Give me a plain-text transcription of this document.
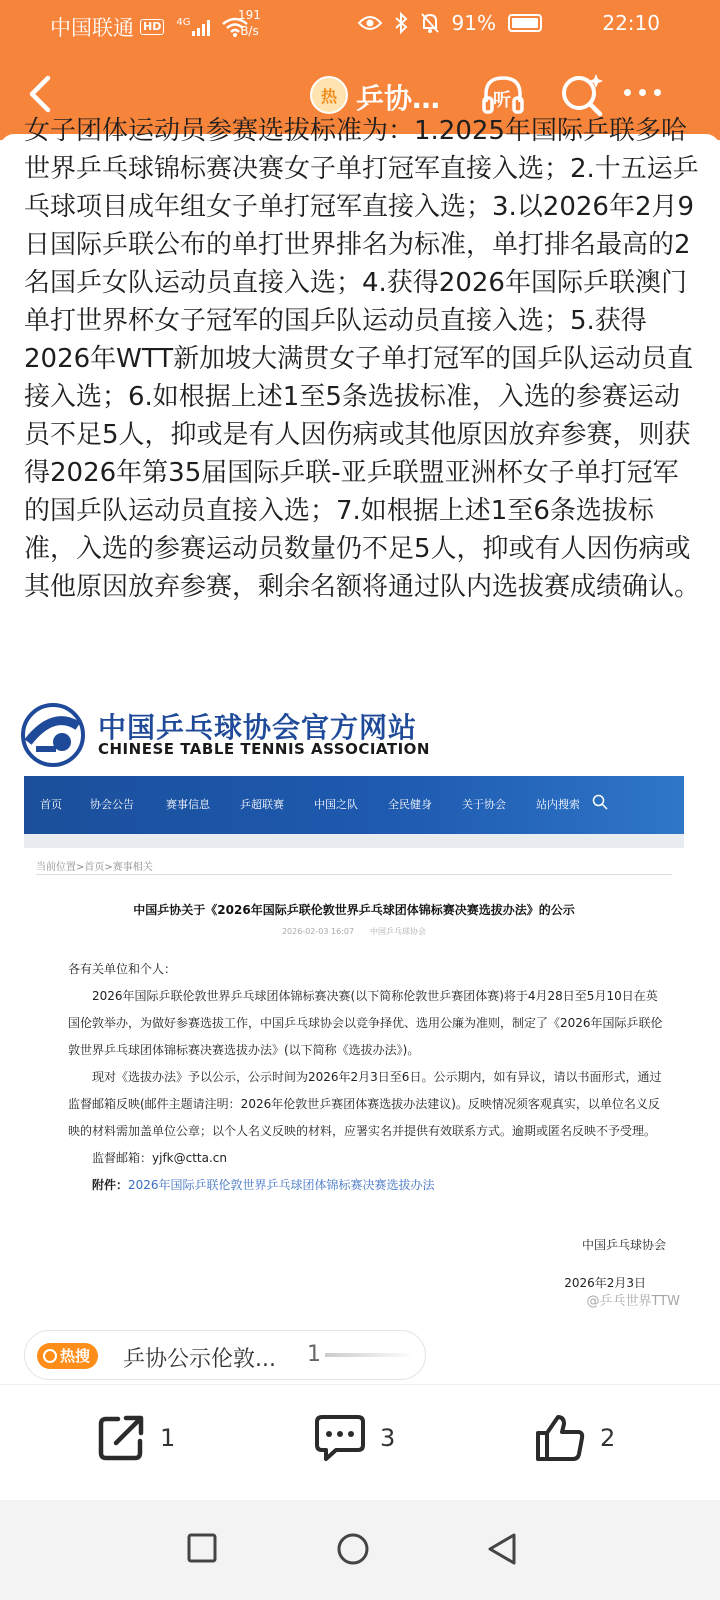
中国联通 HD	4G
191
B/s	91%	22:10
热 乒协…	听
女子团体运动员参赛选拔标准为：1.2025年国际乒联多哈世界乒乓球锦标赛决赛女子单打冠军直接入选；2.十五运乒乓球项目成年组女子单打冠军直接入选；3.以2026年2月9日国际乒联公布的单打世界排名为标准，单打排名最高的2名国乒女队运动员直接入选；4.获得2026年国际乒联澳门单打世界杯女子冠军的国乒队运动员直接入选；5.获得2026年WTT新加坡大满贯女子单打冠军的国乒队运动员直接入选；6.如根据上述1至5条选拔标准，入选的参赛运动员不足5人，抑或是有人因伤病或其他原因放弃参赛，则获得2026年第35届国际乒联-亚乒联盟亚洲杯女子单打冠军的国乒队运动员直接入选；7.如根据上述1至6条选拔标准，入选的参赛运动员数量仍不足5人，抑或有人因伤病或其他原因放弃参赛，剩余名额将通过队内选拔赛成绩确认。
中国乒乓球协会官方网站
CHINESE TABLE TENNIS ASSOCIATION
首页	协会公告	赛事信息	乒超联赛	中国之队	全民健身	关于协会	站内搜索
当前位置>首页>赛事相关
中国乒协关于《2026年国际乒联伦敦世界乒乓球团体锦标赛决赛选拔办法》的公示
2026-02-03 16:07　　中国乒乓球协会

各有关单位和个人：

2026年国际乒联伦敦世界乒乓球团体锦标赛决赛(以下简称伦敦世乒赛团体赛)将于4月28日至5月10日在英国伦敦举办，为做好参赛选拔工作，中国乒乓球协会以竞争择优、选用公廉为准则，制定了《2026年国际乒联伦敦世界乒乓球团体锦标赛决赛选拔办法》(以下简称《选拔办法》)。

现对《选拔办法》予以公示，公示时间为2026年2月3日至6日。公示期内，如有异议，请以书面形式，通过监督邮箱反映(邮件主题请注明：2026年伦敦世乒赛团体赛选拔办法建议)。反映情况须客观真实，以单位名义反映的材料需加盖单位公章；以个人名义反映的材料，应署实名并提供有效联系方式。逾期或匿名反映不予受理。

监督邮箱：yjfk@ctta.cn

附件：2026年国际乒联伦敦世界乒乓球团体锦标赛决赛选拔办法

中国乒乓球协会
2026年2月3日
@乒乓世界TTW
热搜 乒协公示伦敦... 1
1	3	2
